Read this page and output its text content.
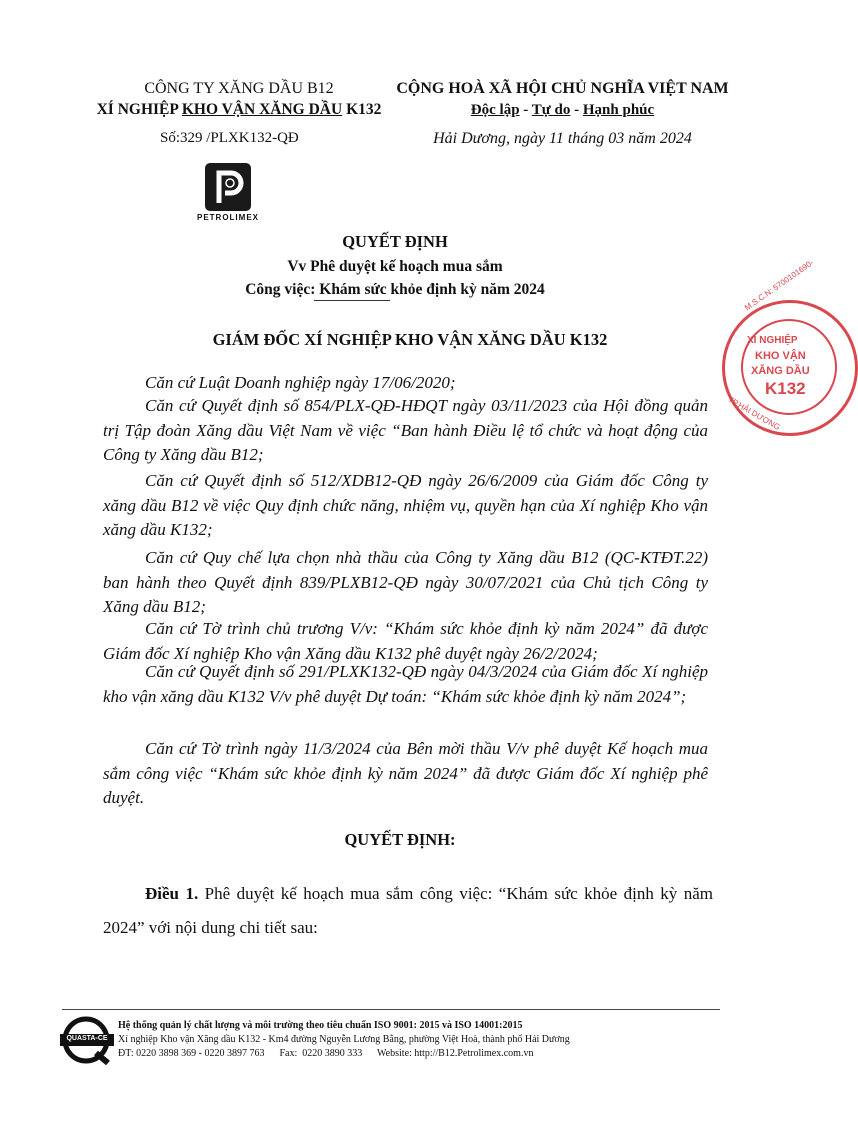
CÔNG TY XĂNG DẦU B12
XÍ NGHIỆP KHO VẬN XĂNG DẦU K132
Số:329 /PLXK132-QĐ
PETROLIMEX
CỘNG HOÀ XÃ HỘI CHỦ NGHĨA VIỆT NAM
Độc lập - Tự do - Hạnh phúc
Hải Dương, ngày 11 tháng 03 năm 2024
QUYẾT ĐỊNH
Vv Phê duyệt kế hoạch mua sắm
Công việc: Khám sức khỏe định kỳ năm 2024
GIÁM ĐỐC XÍ NGHIỆP KHO VẬN XĂNG DẦU K132
M.S.C.N: 5700101690-
XÍ NGHIỆP
KHO VẬN
XĂNG DẦU
K132
TP.HẢI DƯƠNG
Căn cứ Luật Doanh nghiệp ngày 17/06/2020;
Căn cứ Quyết định số 854/PLX-QĐ-HĐQT ngày 03/11/2023 của Hội đồng quản trị Tập đoàn Xăng dầu Việt Nam về việc “Ban hành Điều lệ tổ chức và hoạt động của Công ty Xăng dầu B12;
Căn cứ Quyết định số 512/XDB12-QĐ ngày 26/6/2009 của Giám đốc Công ty xăng dầu B12 về việc Quy định chức năng, nhiệm vụ, quyền hạn của Xí nghiệp Kho vận xăng dầu K132;
Căn cứ Quy chế lựa chọn nhà thầu của Công ty Xăng dầu B12 (QC-KTĐT.22) ban hành theo Quyết định 839/PLXB12-QĐ ngày 30/07/2021 của Chủ tịch Công ty Xăng dầu B12;
Căn cứ Tờ trình chủ trương V/v: “Khám sức khỏe định kỳ năm 2024” đã được Giám đốc Xí nghiệp Kho vận Xăng dầu K132 phê duyệt ngày 26/2/2024;
Căn cứ Quyết định số 291/PLXK132-QĐ ngày 04/3/2024 của Giám đốc Xí nghiệp kho vận xăng dầu K132 V/v phê duyệt Dự toán: “Khám sức khỏe định kỳ năm 2024”;
Căn cứ Tờ trình ngày 11/3/2024 của Bên mời thầu V/v phê duyệt Kế hoạch mua sắm công việc “Khám sức khỏe định kỳ năm 2024” đã được Giám đốc Xí nghiệp phê duyệt.
QUYẾT ĐỊNH:
Điều 1. Phê duyệt kế hoạch mua sắm công việc: “Khám sức khỏe định kỳ năm 2024” với nội dung chi tiết sau:
QUASTA-CE
Hệ thống quản lý chất lượng và môi trường theo tiêu chuẩn ISO 9001: 2015 và ISO 14001:2015
Xí nghiệp Kho vận Xăng dầu K132 - Km4 đường Nguyễn Lương Bằng, phường Việt Hoà, thành phố Hải Dương
ĐT: 0220 3898 369 - 0220 3897 763      Fax:  0220 3890 333      Website: http://B12.Petrolimex.com.vn
